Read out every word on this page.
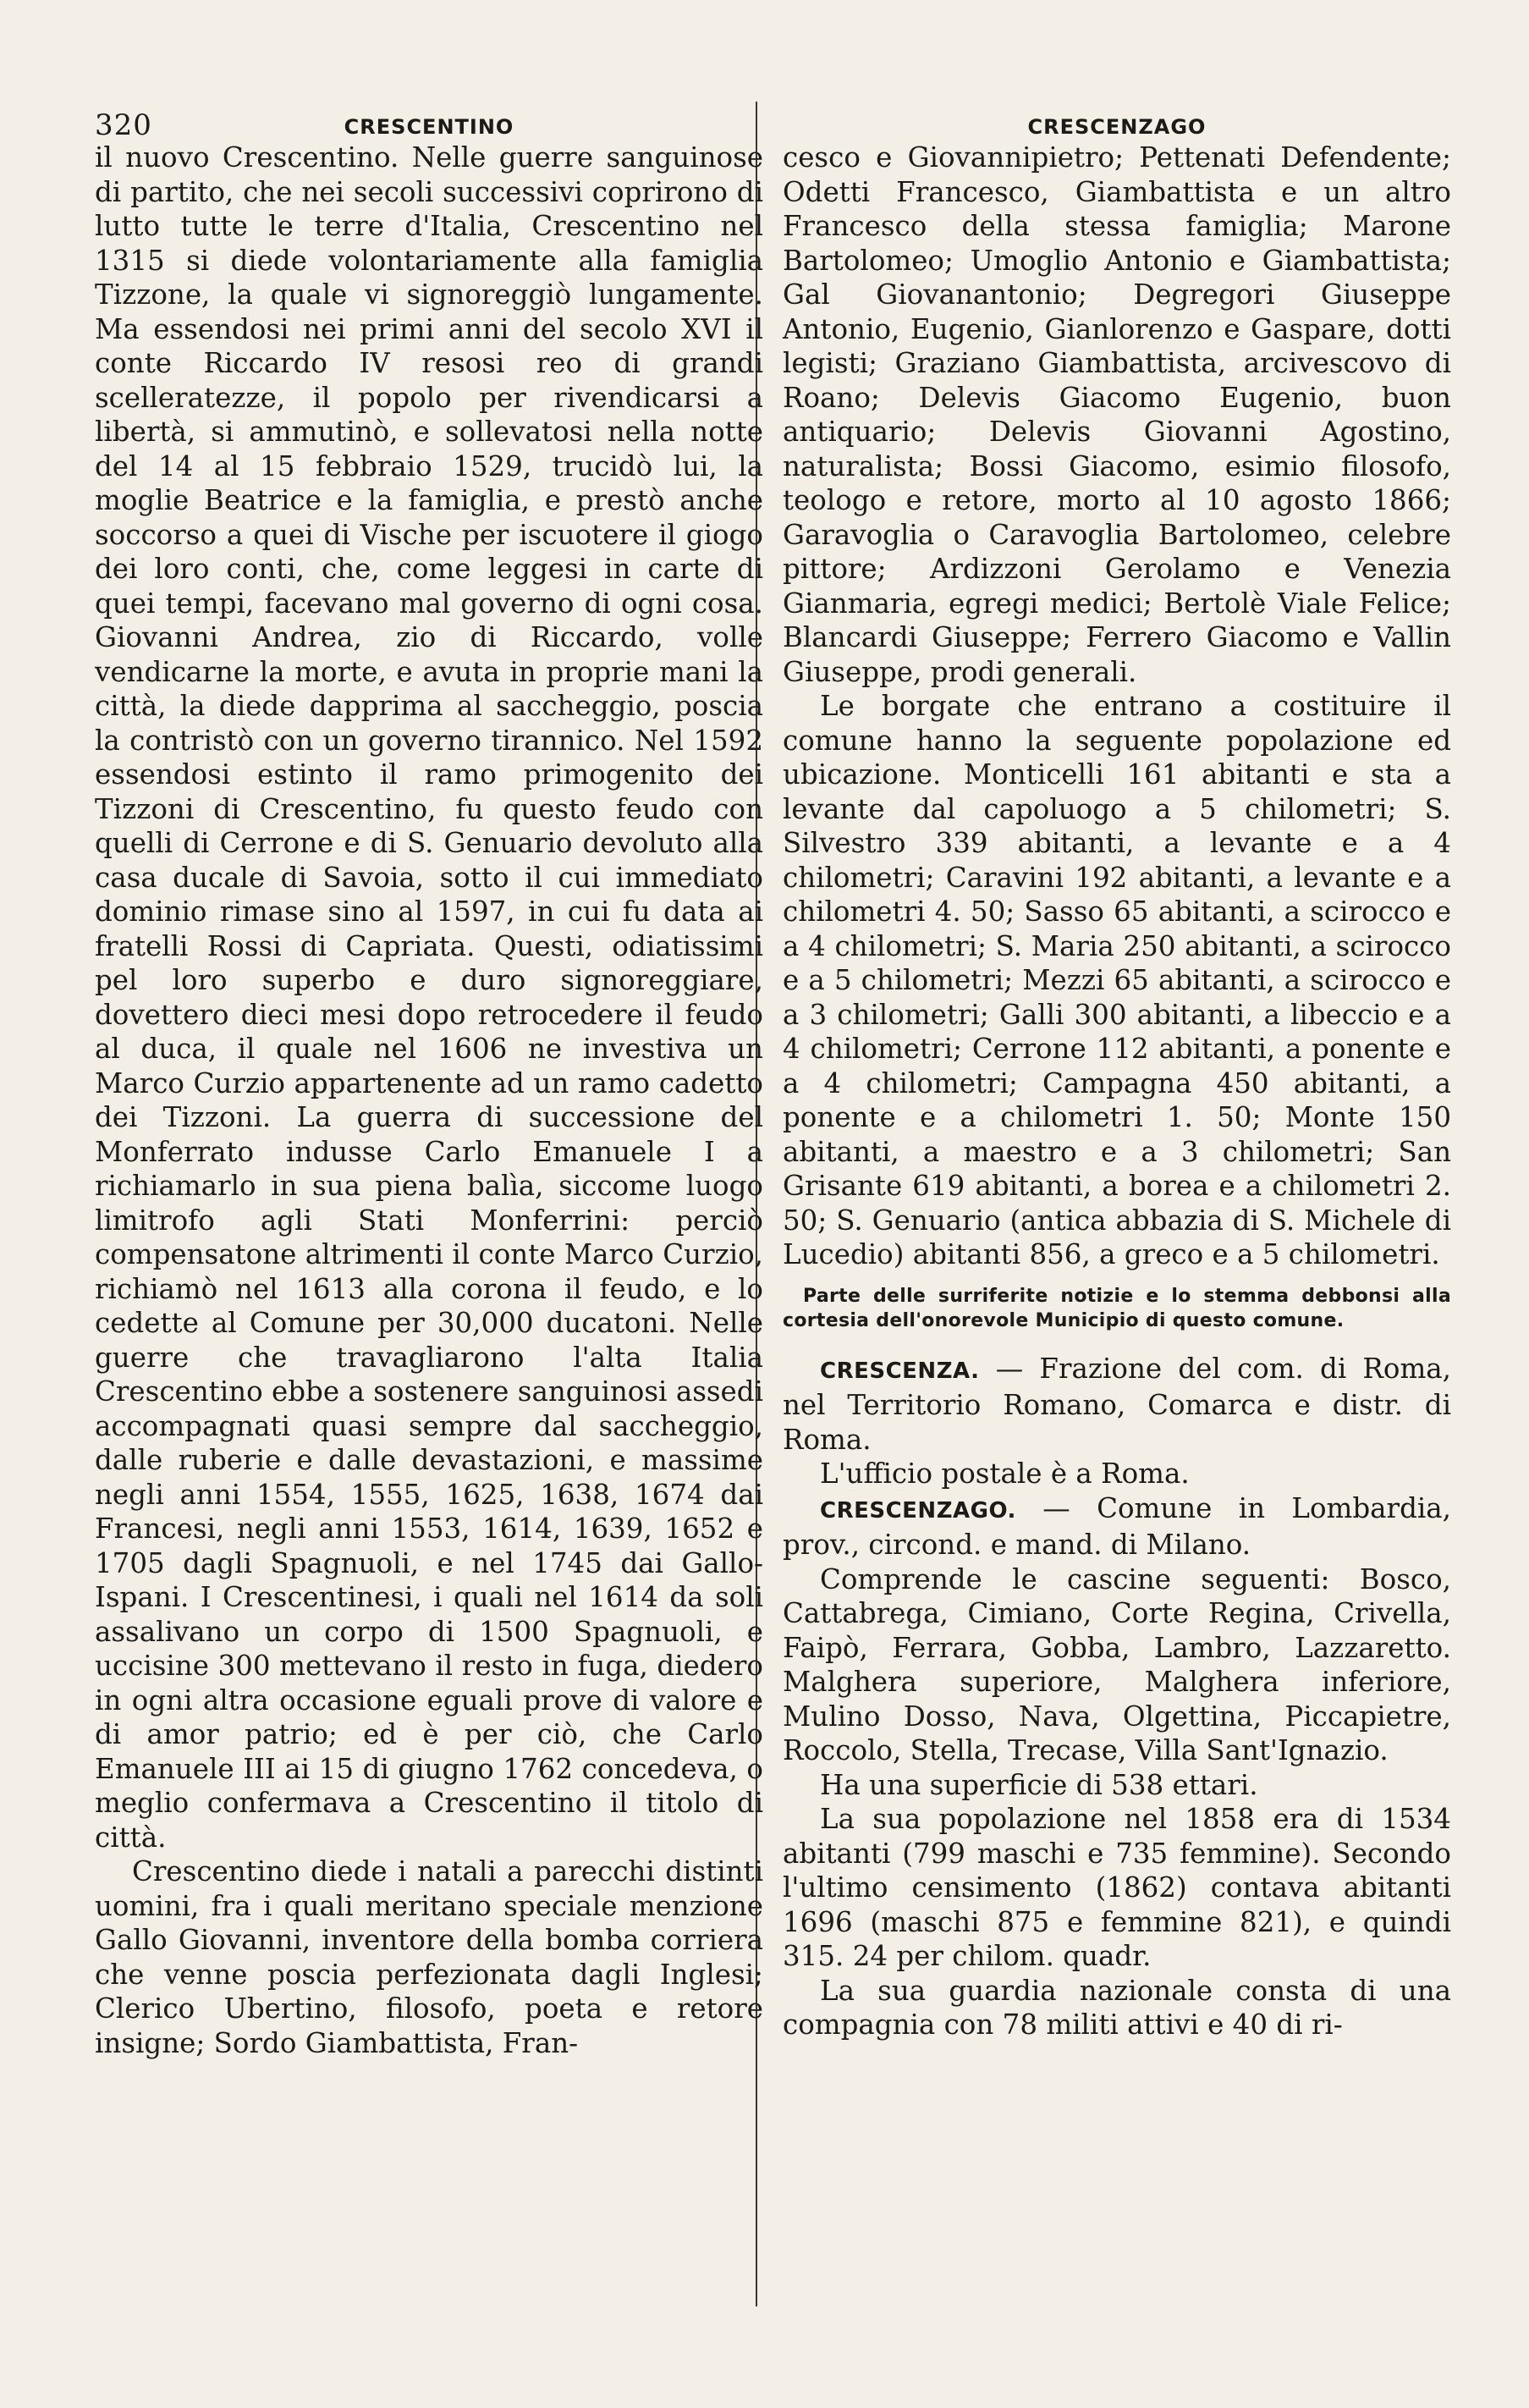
320	CRESCENTINO	CRESCENZAGO

il nuovo Crescentino. Nelle guerre sanguinose di partito, che nei secoli successivi coprirono di lutto tutte le terre d'Italia, Crescentino nel 1315 si diede volontariamente alla famiglia Tizzone, la quale vi signoreggiò lungamente. Ma essendosi nei primi anni del secolo XVI il conte Riccardo IV resosi reo di grandi scelleratezze, il popolo per rivendicarsi a libertà, si ammutinò, e sollevatosi nella notte del 14 al 15 febbraio 1529, trucidò lui, la moglie Beatrice e la famiglia, e prestò anche soccorso a quei di Vische per iscuotere il giogo dei loro conti, che, come leggesi in carte di quei tempi, facevano mal governo di ogni cosa. Giovanni Andrea, zio di Riccardo, volle vendicarne la morte, e avuta in proprie mani la città, la diede dapprima al saccheggio, poscia la contristò con un governo tirannico. Nel 1592 essendosi estinto il ramo primogenito dei Tizzoni di Crescentino, fu questo feudo con quelli di Cerrone e di S. Genuario devoluto alla casa ducale di Savoia, sotto il cui immediato dominio rimase sino al 1597, in cui fu data ai fratelli Rossi di Capriata. Questi, odiatissimi pel loro superbo e duro signoreggiare, dovettero dieci mesi dopo retrocedere il feudo al duca, il quale nel 1606 ne investiva un Marco Curzio appartenente ad un ramo cadetto dei Tizzoni. La guerra di successione del Monferrato indusse Carlo Emanuele I a richiamarlo in sua piena balìa, siccome luogo limitrofo agli Stati Monferrini: perciò compensatone altrimenti il conte Marco Curzio, richiamò nel 1613 alla corona il feudo, e lo cedette al Comune per 30,000 ducatoni. Nelle guerre che travagliarono l'alta Italia Crescentino ebbe a sostenere sanguinosi assedi accompagnati quasi sempre dal saccheggio, dalle ruberie e dalle devastazioni, e massime negli anni 1554, 1555, 1625, 1638, 1674 dai Francesi, negli anni 1553, 1614, 1639, 1652 e 1705 dagli Spagnuoli, e nel 1745 dai Gallo-Ispani. I Crescentinesi, i quali nel 1614 da soli assalivano un corpo di 1500 Spagnuoli, e uccisine 300 mettevano il resto in fuga, diedero in ogni altra occasione eguali prove di valore e di amor patrio; ed è per ciò, che Carlo Emanuele III ai 15 di giugno 1762 concedeva, o meglio confermava a Crescentino il titolo di città.

Crescentino diede i natali a parecchi distinti uomini, fra i quali meritano speciale menzione Gallo Giovanni, inventore della bomba corriera che venne poscia perfezionata dagli Inglesi; Clerico Ubertino, filosofo, poeta e retore insigne; Sordo Giambattista, Fran-

cesco e Giovannipietro; Pettenati Defendente; Odetti Francesco, Giambattista e un altro Francesco della stessa famiglia; Marone Bartolomeo; Umoglio Antonio e Giambattista; Gal Giovanantonio; Degregori Giuseppe Antonio, Eugenio, Gianlorenzo e Gaspare, dotti legisti; Graziano Giambattista, arcivescovo di Roano; Delevis Giacomo Eugenio, buon antiquario; Delevis Giovanni Agostino, naturalista; Bossi Giacomo, esimio filosofo, teologo e retore, morto al 10 agosto 1866; Garavoglia o Caravoglia Bartolomeo, celebre pittore; Ardizzoni Gerolamo e Venezia Gianmaria, egregi medici; Bertolè Viale Felice; Blancardi Giuseppe; Ferrero Giacomo e Vallin Giuseppe, prodi generali.

Le borgate che entrano a costituire il comune hanno la seguente popolazione ed ubicazione. Monticelli 161 abitanti e sta a levante dal capoluogo a 5 chilometri; S. Silvestro 339 abitanti, a levante e a 4 chilometri; Caravini 192 abitanti, a levante e a chilometri 4. 50; Sasso 65 abitanti, a scirocco e a 4 chilometri; S. Maria 250 abitanti, a scirocco e a 5 chilometri; Mezzi 65 abitanti, a scirocco e a 3 chilometri; Galli 300 abitanti, a libeccio e a 4 chilometri; Cerrone 112 abitanti, a ponente e a 4 chilometri; Campagna 450 abitanti, a ponente e a chilometri 1. 50; Monte 150 abitanti, a maestro e a 3 chilometri; San Grisante 619 abitanti, a borea e a chilometri 2. 50; S. Genuario (antica abbazia di S. Michele di Lucedio) abitanti 856, a greco e a 5 chilometri.

Parte delle surriferite notizie e lo stemma debbonsi alla cortesia dell'onorevole Municipio di questo comune.

CRESCENZA. — Frazione del com. di Roma, nel Territorio Romano, Comarca e distr. di Roma.

L'ufficio postale è a Roma.

CRESCENZAGO. — Comune in Lombardia, prov., circond. e mand. di Milano.

Comprende le cascine seguenti: Bosco, Cattabrega, Cimiano, Corte Regina, Crivella, Faipò, Ferrara, Gobba, Lambro, Lazzaretto. Malghera superiore, Malghera inferiore, Mulino Dosso, Nava, Olgettina, Piccapietre, Roccolo, Stella, Trecase, Villa Sant'Ignazio.

Ha una superficie di 538 ettari.

La sua popolazione nel 1858 era di 1534 abitanti (799 maschi e 735 femmine). Secondo l'ultimo censimento (1862) contava abitanti 1696 (maschi 875 e femmine 821), e quindi 315. 24 per chilom. quadr.

La sua guardia nazionale consta di una compagnia con 78 militi attivi e 40 di ri-
